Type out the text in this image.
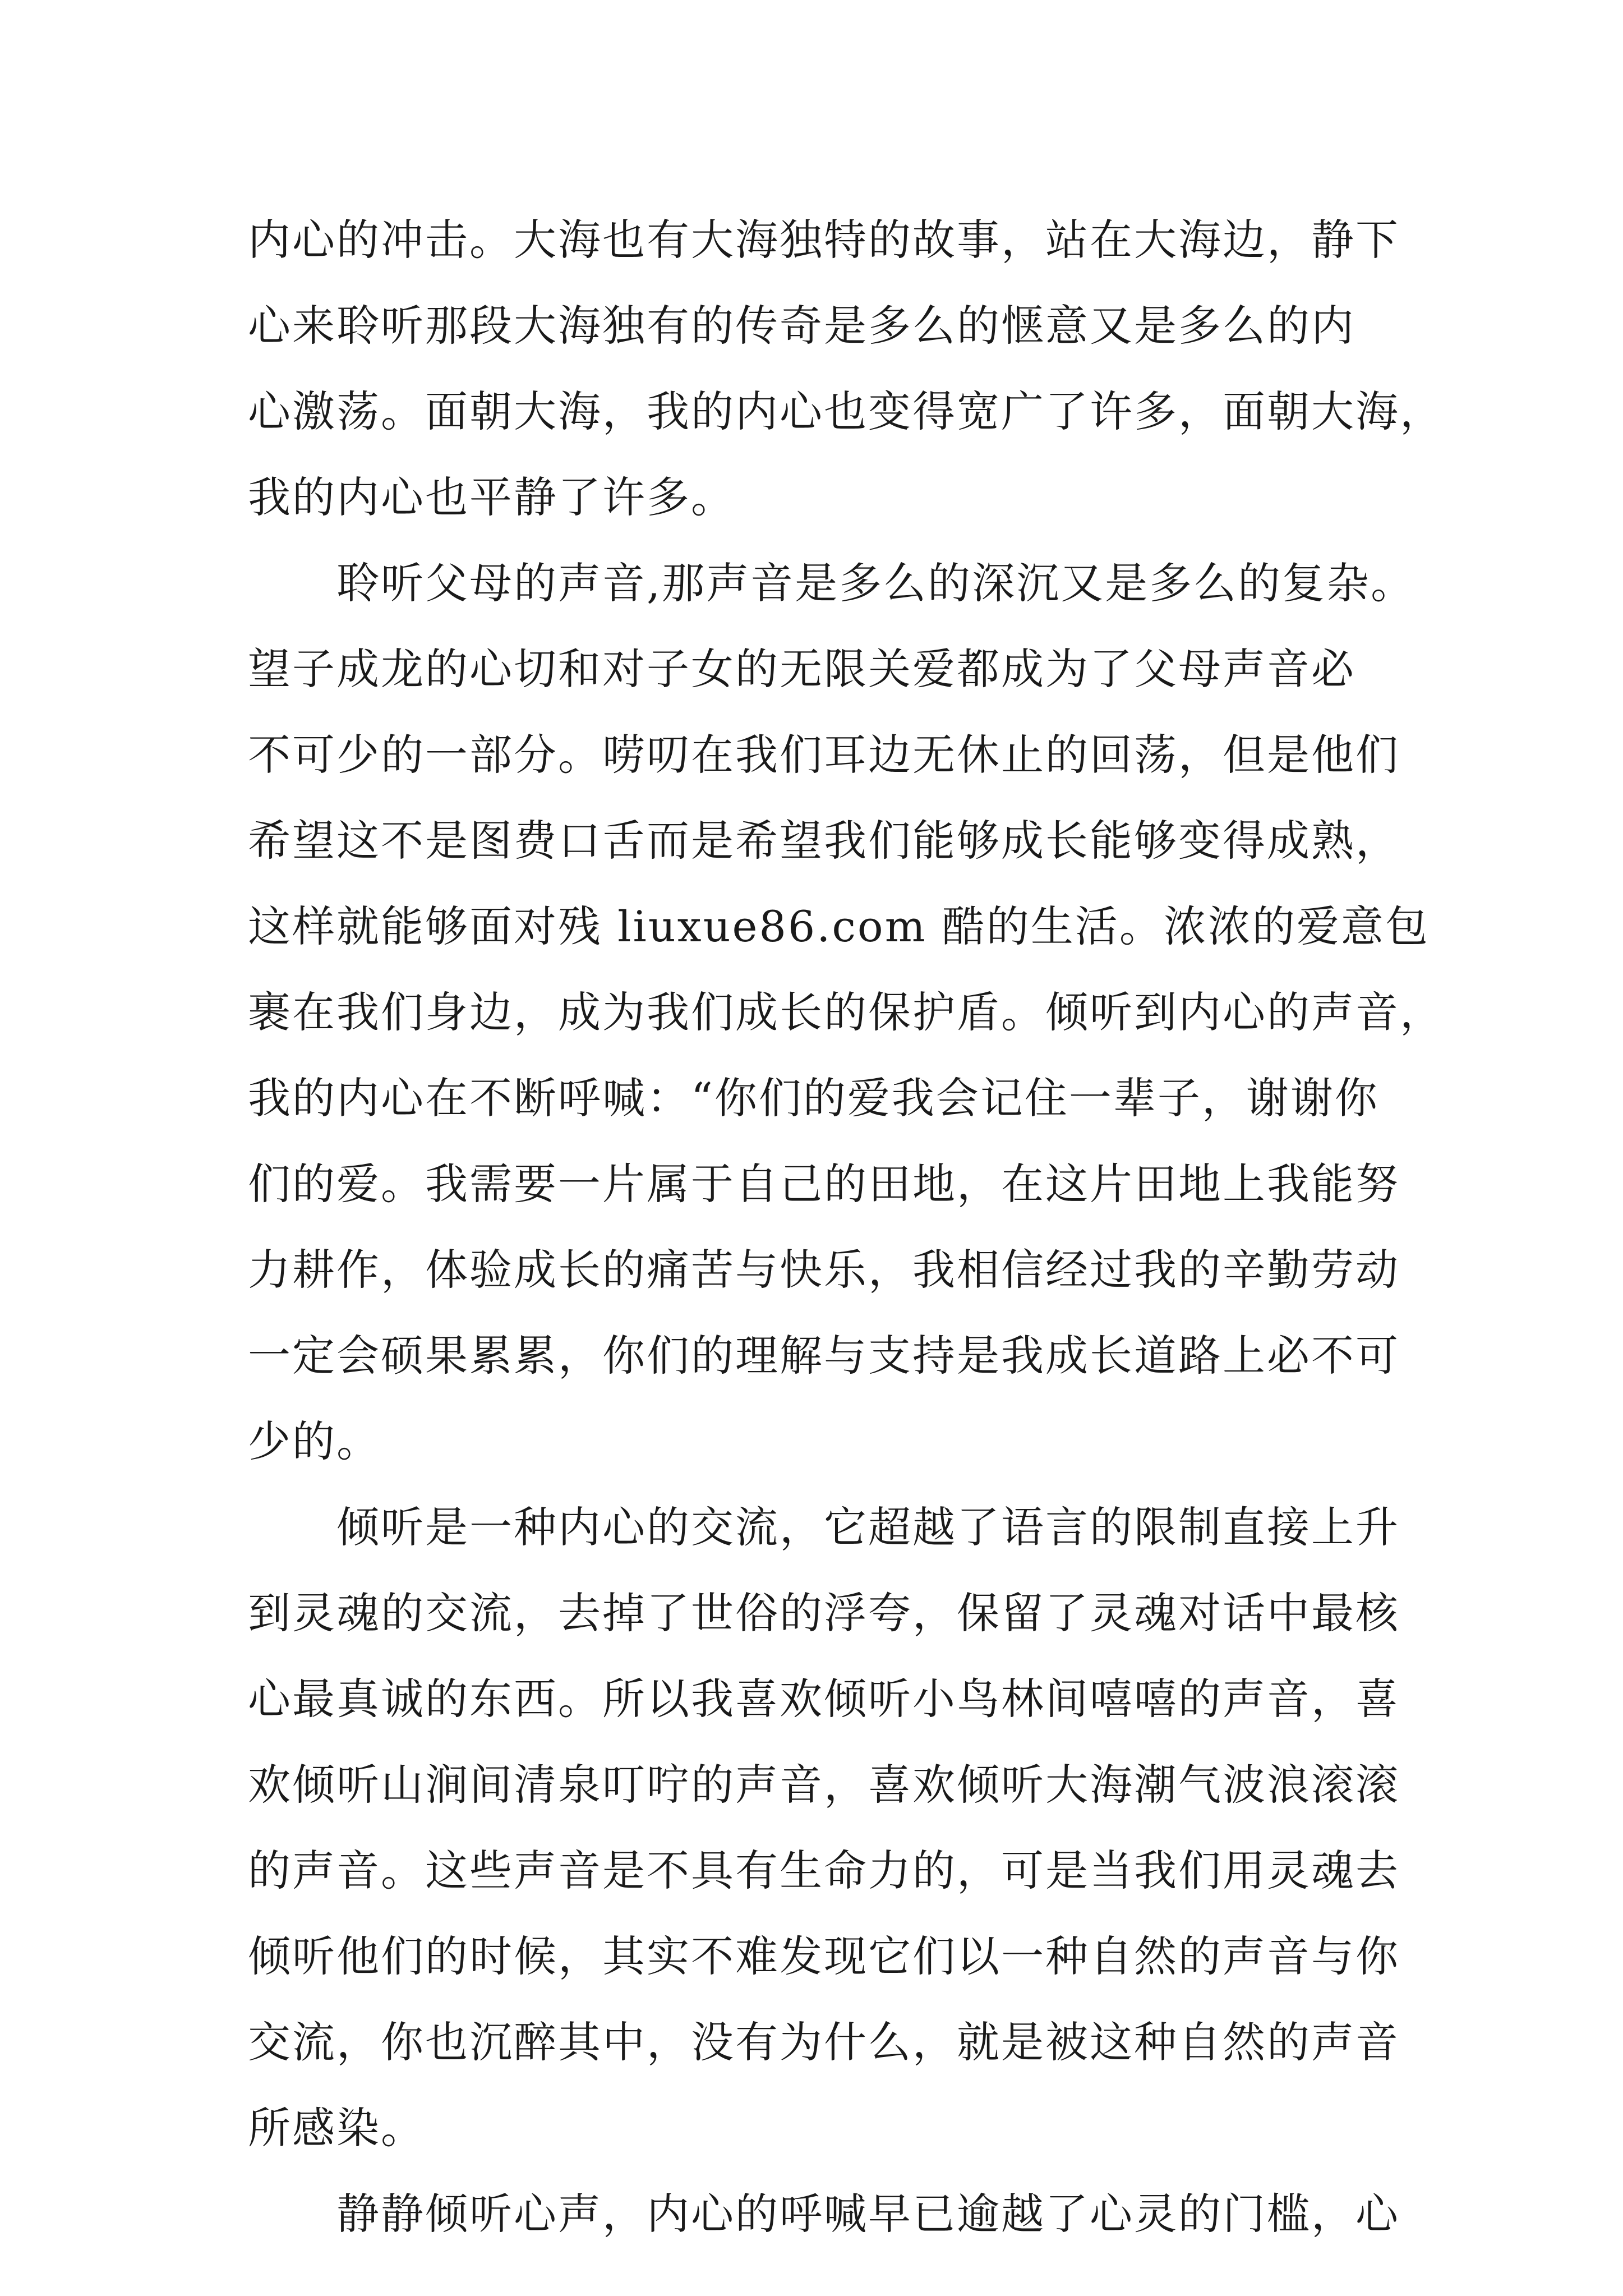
内心的冲击。大海也有大海独特的故事，站在大海边，静下
心来聆听那段大海独有的传奇是多么的惬意又是多么的内
心激荡。面朝大海，我的内心也变得宽广了许多，面朝大海，
我的内心也平静了许多。
聆听父母的声音,那声音是多么的深沉又是多么的复杂。
望子成龙的心切和对子女的无限关爱都成为了父母声音必
不可少的一部分。唠叨在我们耳边无休止的回荡，但是他们
希望这不是图费口舌而是希望我们能够成长能够变得成熟，
这样就能够面对残 liuxue86.com 酷的生活。浓浓的爱意包
裹在我们身边，成为我们成长的保护盾。倾听到内心的声音，
我的内心在不断呼喊：“你们的爱我会记住一辈子，谢谢你
们的爱。我需要一片属于自己的田地，在这片田地上我能努
力耕作，体验成长的痛苦与快乐，我相信经过我的辛勤劳动
一定会硕果累累，你们的理解与支持是我成长道路上必不可
少的。
倾听是一种内心的交流，它超越了语言的限制直接上升
到灵魂的交流，去掉了世俗的浮夸，保留了灵魂对话中最核
心最真诚的东西。所以我喜欢倾听小鸟林间嘻嘻的声音，喜
欢倾听山涧间清泉叮咛的声音，喜欢倾听大海潮气波浪滚滚
的声音。这些声音是不具有生命力的，可是当我们用灵魂去
倾听他们的时候，其实不难发现它们以一种自然的声音与你
交流，你也沉醉其中，没有为什么，就是被这种自然的声音
所感染。
静静倾听心声，内心的呼喊早已逾越了心灵的门槛，心
